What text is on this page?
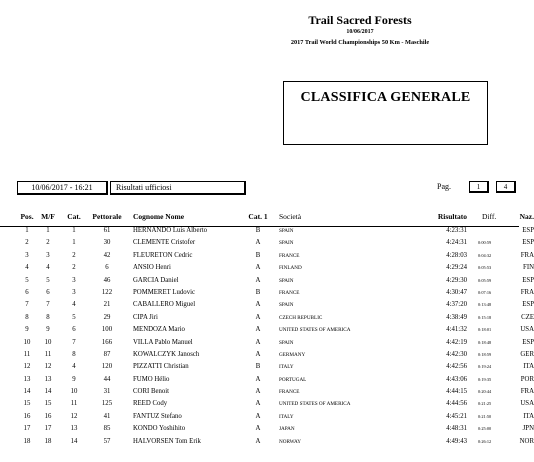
Trail Sacred Forests
10/06/2017
2017 Trail World Championships 50 Km - Maschile
CLASSIFICA GENERALE
10/06/2017 - 16:21	Risultati ufficiosi	Pag.	1	4
Pos.	M/F	Cat.	Pettorale	Cognome Nome	Cat. 1	Società	Risultato Diff.	Naz.
1	1	1	61	HERNANDO Luis Alberto	B	SPAIN	4:23:31	ESP
2	2	1	30	CLEMENTE Cristofer	A	SPAIN	4:24:31	0:00:59	ESP
3	3	2	42	FLEURETON Cedric	B	FRANCE	4:28:03	0:04:32	FRA
4	4	2	6	ANSIO Henri	A	FINLAND	4:29:24	0:05:53	FIN
5	5	3	46	GARCIA Daniel	A	SPAIN	4:29:30	0:05:59	ESP
6	6	3	122	POMMERET Ludovic	B	FRANCE	4:30:47	0:07:16	FRA
7	7	4	21	CABALLERO Miguel	A	SPAIN	4:37:20	0:13:48	ESP
8	8	5	29	CIPA Jiri	A	CZECH REPUBLIC	4:38:49	0:15:18	CZE
9	9	6	100	MENDOZA Mario	A	UNITED STATES OF AMERICA	4:41:32	0:18:01	USA
10	10	7	166	VILLA Pablo Manuel	A	SPAIN	4:42:19	0:18:48	ESP
11	11	8	87	KOWALCZYK Janosch	A	GERMANY	4:42:30	0:18:59	GER
12	12	4	120	PIZZATTI Christian	B	ITALY	4:42:56	0:19:24	ITA
13	13	9	44	FUMO Hélio	A	PORTUGAL	4:43:06	0:19:35	POR
14	14	10	31	CORI Benoit	A	FRANCE	4:44:15	0:20:44	FRA
15	15	11	125	REED Cody	A	UNITED STATES OF AMERICA	4:44:56	0:21:25	USA
16	16	12	41	FANTUZ Stefano	A	ITALY	4:45:21	0:21:50	ITA
17	17	13	85	KONDO Yoshihito	A	JAPAN	4:48:31	0:25:00	JPN
18	18	14	57	HALVORSEN Tom Erik	A	NORWAY	4:49:43	0:26:12	NOR
